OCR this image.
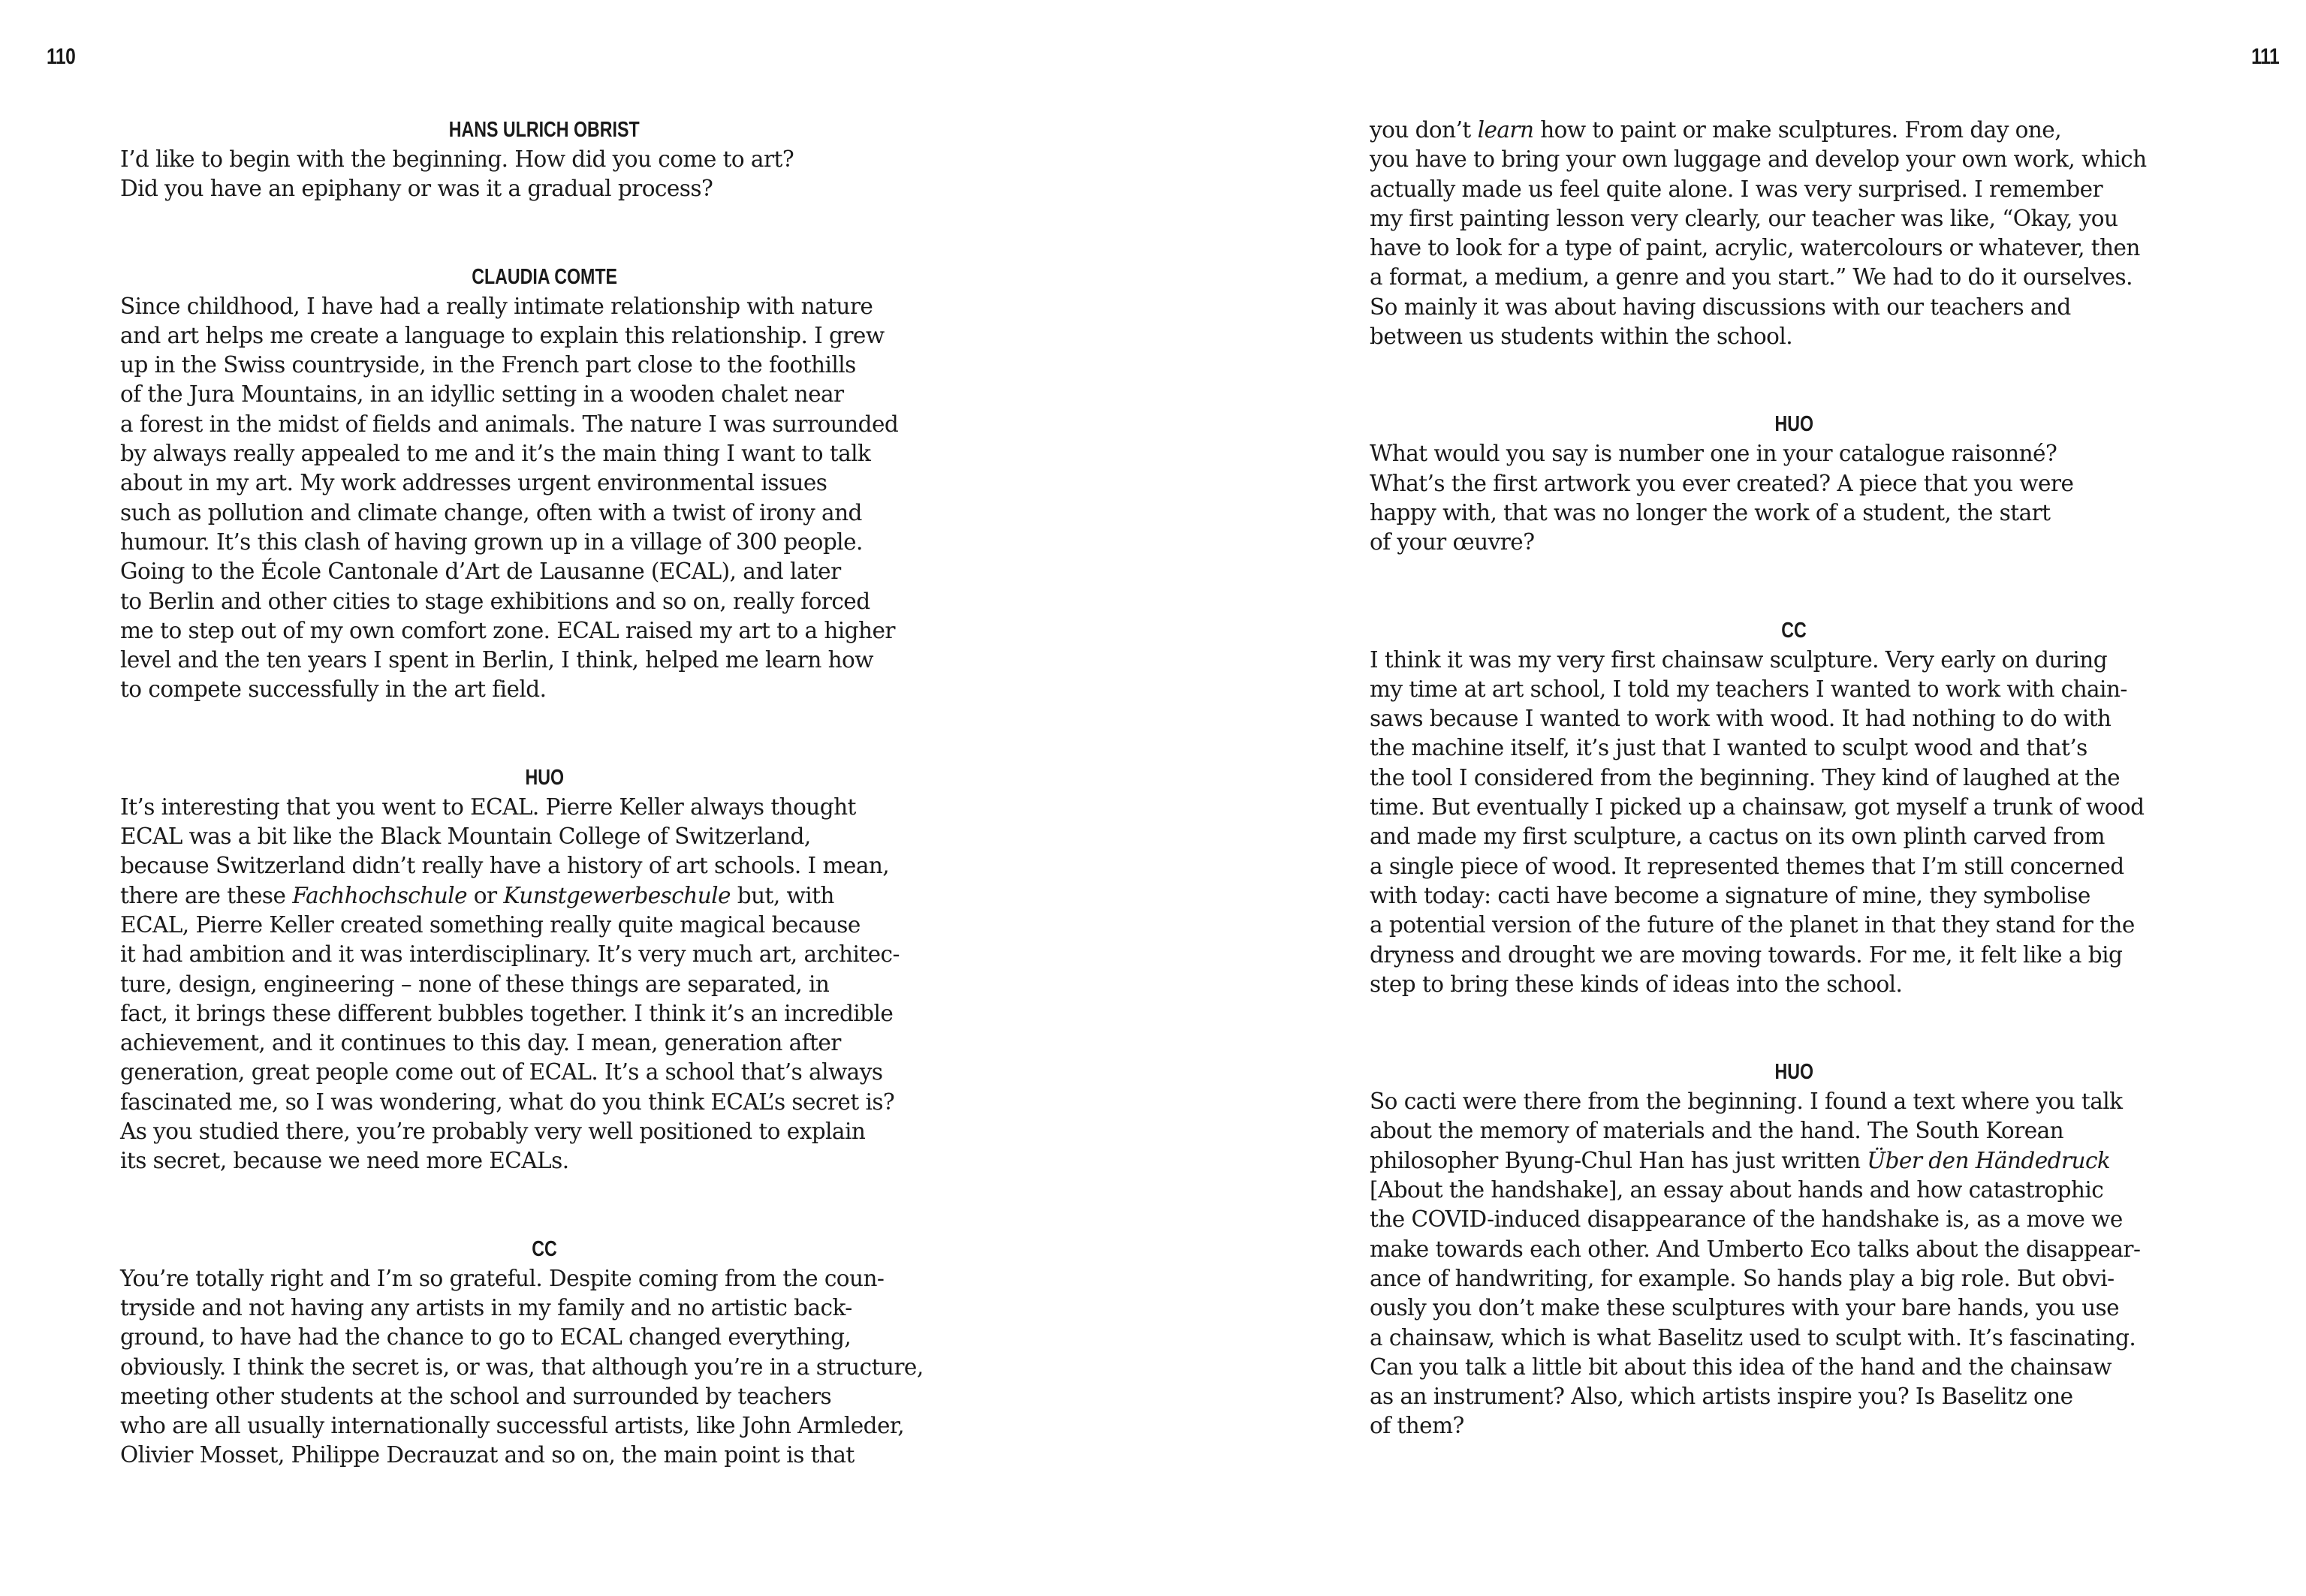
110	111
HANS ULRICH OBRIST
I’d like to begin with the beginning. How did you come to art?
Did you have an epiphany or was it a gradual process?
CLAUDIA COMTE
Since childhood, I have had a really intimate relationship with nature
and art helps me create a language to explain this relationship. I grew
up in the Swiss countryside, in the French part close to the foothills
of the Jura Mountains, in an idyllic setting in a wooden chalet near
a forest in the midst of fields and animals. The nature I was surrounded
by always really appealed to me and it’s the main thing I want to talk
about in my art. My work addresses urgent environmental issues
such as pollution and climate change, often with a twist of irony and
humour. It’s this clash of having grown up in a village of 300 people.
Going to the École Cantonale d’Art de Lausanne (ECAL), and later
to Berlin and other cities to stage exhibitions and so on, really forced
me to step out of my own comfort zone. ECAL raised my art to a higher
level and the ten years I spent in Berlin, I think, helped me learn how
to compete successfully in the art field.
HUO
It’s interesting that you went to ECAL. Pierre Keller always thought
ECAL was a bit like the Black Mountain College of Switzerland,
because Switzerland didn’t really have a history of art schools. I mean,
there are these Fachhochschule or Kunstgewerbeschule but, with
ECAL, Pierre Keller created something really quite magical because
it had ambition and it was interdisciplinary. It’s very much art, architec-
ture, design, engineering – none of these things are separated, in
fact, it brings these different bubbles together. I think it’s an incredible
achievement, and it continues to this day. I mean, generation after
generation, great people come out of ECAL. It’s a school that’s always
fascinated me, so I was wondering, what do you think ECAL’s secret is?
As you studied there, you’re probably very well positioned to explain
its secret, because we need more ECALs.
CC
You’re totally right and I’m so grateful. Despite coming from the coun-
tryside and not having any artists in my family and no artistic back-
ground, to have had the chance to go to ECAL changed everything,
obviously. I think the secret is, or was, that although you’re in a structure,
meeting other students at the school and surrounded by teachers
who are all usually internationally successful artists, like John Armleder,
Olivier Mosset, Philippe Decrauzat and so on, the main point is that
you don’t learn how to paint or make sculptures. From day one,
you have to bring your own luggage and develop your own work, which
actually made us feel quite alone. I was very surprised. I remember
my first painting lesson very clearly, our teacher was like, “Okay, you
have to look for a type of paint, acrylic, watercolours or whatever, then
a format, a medium, a genre and you start.” We had to do it ourselves.
So mainly it was about having discussions with our teachers and
between us students within the school.
HUO
What would you say is number one in your catalogue raisonné?
What’s the first artwork you ever created? A piece that you were
happy with, that was no longer the work of a student, the start
of your œuvre?
CC
I think it was my very first chainsaw sculpture. Very early on during
my time at art school, I told my teachers I wanted to work with chain-
saws because I wanted to work with wood. It had nothing to do with
the machine itself, it’s just that I wanted to sculpt wood and that’s
the tool I considered from the beginning. They kind of laughed at the
time. But eventually I picked up a chainsaw, got myself a trunk of wood
and made my first sculpture, a cactus on its own plinth carved from
a single piece of wood. It represented themes that I’m still concerned
with today: cacti have become a signature of mine, they symbolise
a potential version of the future of the planet in that they stand for the
dryness and drought we are moving towards. For me, it felt like a big
step to bring these kinds of ideas into the school.
HUO
So cacti were there from the beginning. I found a text where you talk
about the memory of materials and the hand. The South Korean
philosopher Byung-Chul Han has just written Über den Händedruck
[About the handshake], an essay about hands and how catastrophic
the COVID-induced disappearance of the handshake is, as a move we
make towards each other. And Umberto Eco talks about the disappear-
ance of handwriting, for example. So hands play a big role. But obvi-
ously you don’t make these sculptures with your bare hands, you use
a chainsaw, which is what Baselitz used to sculpt with. It’s fascinating.
Can you talk a little bit about this idea of the hand and the chainsaw
as an instrument? Also, which artists inspire you? Is Baselitz one
of them?
